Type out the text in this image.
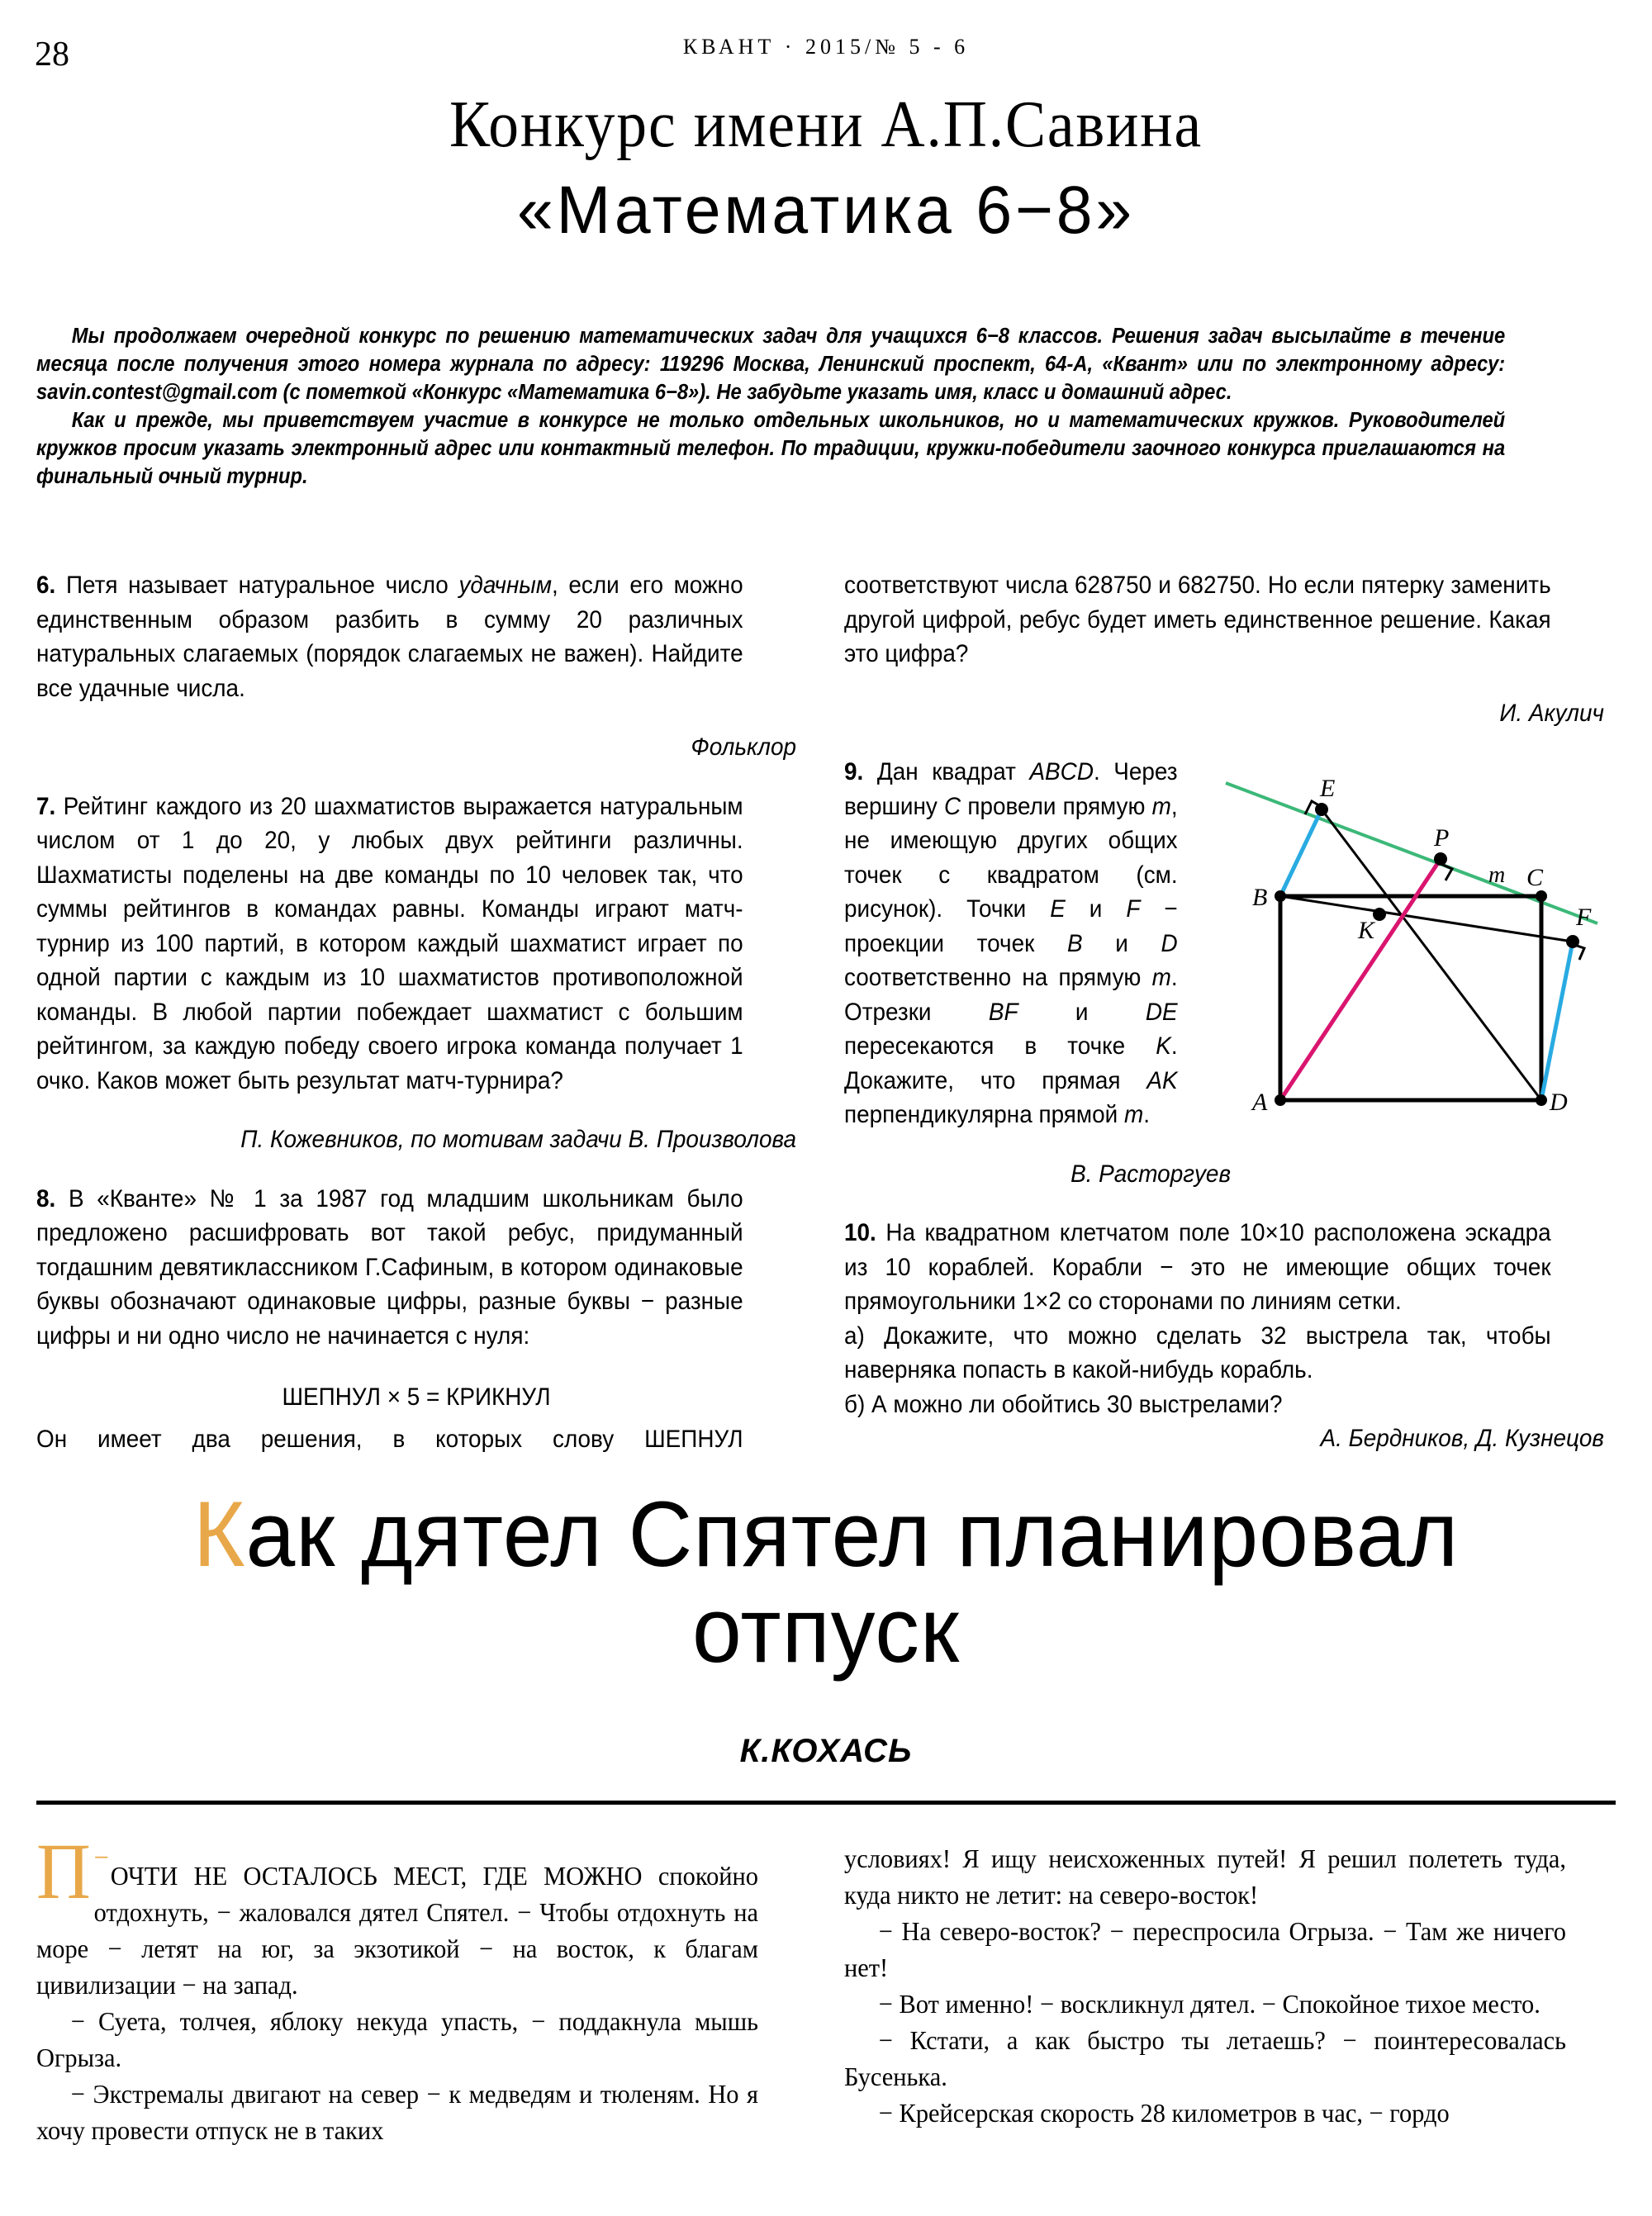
28	КВАНТ · 2015/№ 5 - 6
Конкурс имени А.П.Савина
«Математика 6−8»

Мы продолжаем очередной конкурс по решению математических задач для учащихся 6−8 классов. Решения задач высылайте в течение месяца после получения этого номера журнала по адресу: 119296 Москва, Ленинский проспект, 64-А, «Квант» или по электронному адресу: savin.contest@gmail.com (с пометкой «Конкурс «Математика 6−8»). Не забудьте указать имя, класс и домашний адрес.

Как и прежде, мы приветствуем участие в конкурсе не только отдельных школьников, но и математических кружков. Руководителей кружков просим указать электронный адрес или контактный телефон. По традиции, кружки-победители заочного конкурса приглашаются на финальный очный турнир.

6. Петя называет натуральное число удачным, если его можно единственным образом разбить в сумму 20 различных натуральных слагаемых (порядок слагаемых не важен). Найдите все удачные числа.
Фольклор
7. Рейтинг каждого из 20 шахматистов выражается натуральным числом от 1 до 20, у любых двух рейтинги различны. Шахматисты поделены на две команды по 10 человек так, что суммы рейтингов в командах равны. Команды играют матч-турнир из 100 партий, в котором каждый шахматист играет по одной партии с каждым из 10 шахматистов противоположной команды. В любой партии побеждает шахматист с большим рейтингом, за каждую победу своего игрока команда получает 1 очко. Каков может быть результат матч-турнира?
П. Кожевников, по мотивам задачи В. Произволова
8. В «Кванте» № 1 за 1987 год младшим школьникам было предложено расшифровать вот такой ребус, придуманный тогдашним девятиклассником Г.Сафиным, в котором одинаковые буквы обозначают одинаковые цифры, разные буквы − разные цифры и ни одно число не начинается с нуля:
ШЕПНУЛ × 5 = КРИКНУЛ
Он имеет два решения, в которых слову ШЕПНУЛ
соответствуют числа 628750 и 682750. Но если пятерку заменить другой цифрой, ребус будет иметь единственное решение. Какая это цифра?
И. Акулич
E
P
m C
B
F
K
A	D
9. Дан квадрат ABCD. Через вершину C провели прямую m, не имеющую других общих точек с квадратом (см. рисунок). Точки E и F − проекции точек B и D соответственно на прямую m. Отрезки BF и DE пересекаются в точке K. Докажите, что прямая AK перпендикулярна прямой m.
В. Расторгуев
10. На квадратном клетчатом поле 10×10 расположена эскадра из 10 кораблей. Корабли − это не имеющие общих точек прямоугольники 1×2 со сторонами по линиям сетки.
а) Докажите, что можно сделать 32 выстрела так, чтобы наверняка попасть в какой-нибудь корабль.
б) А можно ли обойтись 30 выстрелами?
А. Бердников, Д. Кузнецов
Как дятел Спятел планировал
отпуск
К.КОХАСЬ

−
П ОЧТИ НЕ ОСТАЛОСЬ МЕСТ, ГДЕ МОЖНО спокойно отдохнуть, − жаловался дятел Спятел. − Чтобы отдохнуть на море − летят на юг, за экзотикой − на восток, к благам цивилизации − на запад.

− Суета, толчея, яблоку некуда упасть, − поддакнула мышь Огрыза.

− Экстремалы двигают на север − к медведям и тюленям. Но я хочу провести отпуск не в таких

условиях! Я ищу неисхоженных путей! Я решил полететь туда, куда никто не летит: на северо-восток!

− На северо-восток? − переспросила Огрыза. − Там же ничего нет!

− Вот именно! − воскликнул дятел. − Спокойное тихое место.

− Кстати, а как быстро ты летаешь? − поинтересовалась Бусенька.

− Крейсерская скорость 28 километров в час, − гордо
